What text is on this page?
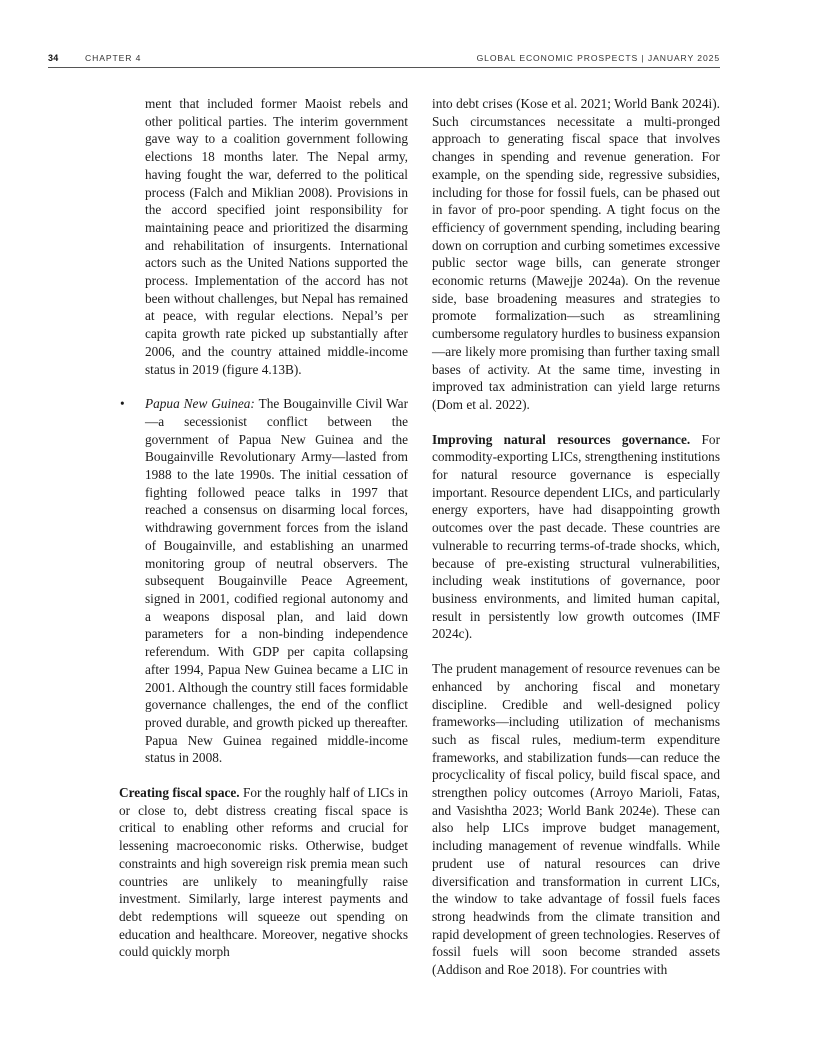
34	CHAPTER 4	GLOBAL ECONOMIC PROSPECTS | JANUARY 2025

ment that included former Maoist rebels and other political parties. The interim government gave way to a coalition government following elections 18 months later. The Nepal army, having fought the war, deferred to the political process (Falch and Miklian 2008). Provisions in the accord specified joint responsibility for maintaining peace and prioritized the disarming and rehabilitation of insurgents. International actors such as the United Nations supported the process. Implementation of the accord has not been without challenges, but Nepal has remained at peace, with regular elections. Nepal’s per capita growth rate picked up substantially after 2006, and the country attained middle-income status in 2019 (figure 4.13B).

• Papua New Guinea: The Bougainville Civil War—a secessionist conflict between the government of Papua New Guinea and the Bougainville Revolutionary Army—lasted from 1988 to the late 1990s. The initial cessation of fighting followed peace talks in 1997 that reached a consensus on disarming local forces, withdrawing government forces from the island of Bougainville, and establishing an unarmed monitoring group of neutral observers. The subsequent Bougainville Peace Agreement, signed in 2001, codified regional autonomy and a weapons disposal plan, and laid down parameters for a non-binding independence referendum. With GDP per capita collapsing after 1994, Papua New Guinea became a LIC in 2001. Although the country still faces formidable governance challenges, the end of the conflict proved durable, and growth picked up thereafter. Papua New Guinea regained middle-income status in 2008.

Creating fiscal space. For the roughly half of LICs in or close to, debt distress creating fiscal space is critical to enabling other reforms and crucial for lessening macroeconomic risks. Otherwise, budget constraints and high sovereign risk premia mean such countries are unlikely to meaningfully raise investment. Similarly, large interest payments and debt redemptions will squeeze out spending on education and healthcare. Moreover, negative shocks could quickly morph

into debt crises (Kose et al. 2021; World Bank 2024i). Such circumstances necessitate a multi-pronged approach to generating fiscal space that involves changes in spending and revenue generation. For example, on the spending side, regressive subsidies, including for those for fossil fuels, can be phased out in favor of pro-poor spending. A tight focus on the efficiency of government spending, including bearing down on corruption and curbing sometimes excessive public sector wage bills, can generate stronger economic returns (Mawejje 2024a). On the revenue side, base broadening measures and strategies to promote formalization—such as streamlining cumbersome regulatory hurdles to business expansion—are likely more promising than further taxing small bases of activity. At the same time, investing in improved tax administration can yield large returns (Dom et al. 2022).

Improving natural resources governance. For commodity-exporting LICs, strengthening institutions for natural resource governance is especially important. Resource dependent LICs, and particularly energy exporters, have had disappointing growth outcomes over the past decade. These countries are vulnerable to recurring terms-of-trade shocks, which, because of pre-existing structural vulnerabilities, including weak institutions of governance, poor business environments, and limited human capital, result in persistently low growth outcomes (IMF 2024c).

The prudent management of resource revenues can be enhanced by anchoring fiscal and monetary discipline. Credible and well-designed policy frameworks—including utilization of mechanisms such as fiscal rules, medium-term expenditure frameworks, and stabilization funds—can reduce the procyclicality of fiscal policy, build fiscal space, and strengthen policy outcomes (Arroyo Marioli, Fatas, and Vasishtha 2023; World Bank 2024e). These can also help LICs improve budget management, including management of revenue windfalls. While prudent use of natural resources can drive diversification and transformation in current LICs, the window to take advantage of fossil fuels faces strong headwinds from the climate transition and rapid development of green technologies. Reserves of fossil fuels will soon become stranded assets (Addison and Roe 2018). For countries with
